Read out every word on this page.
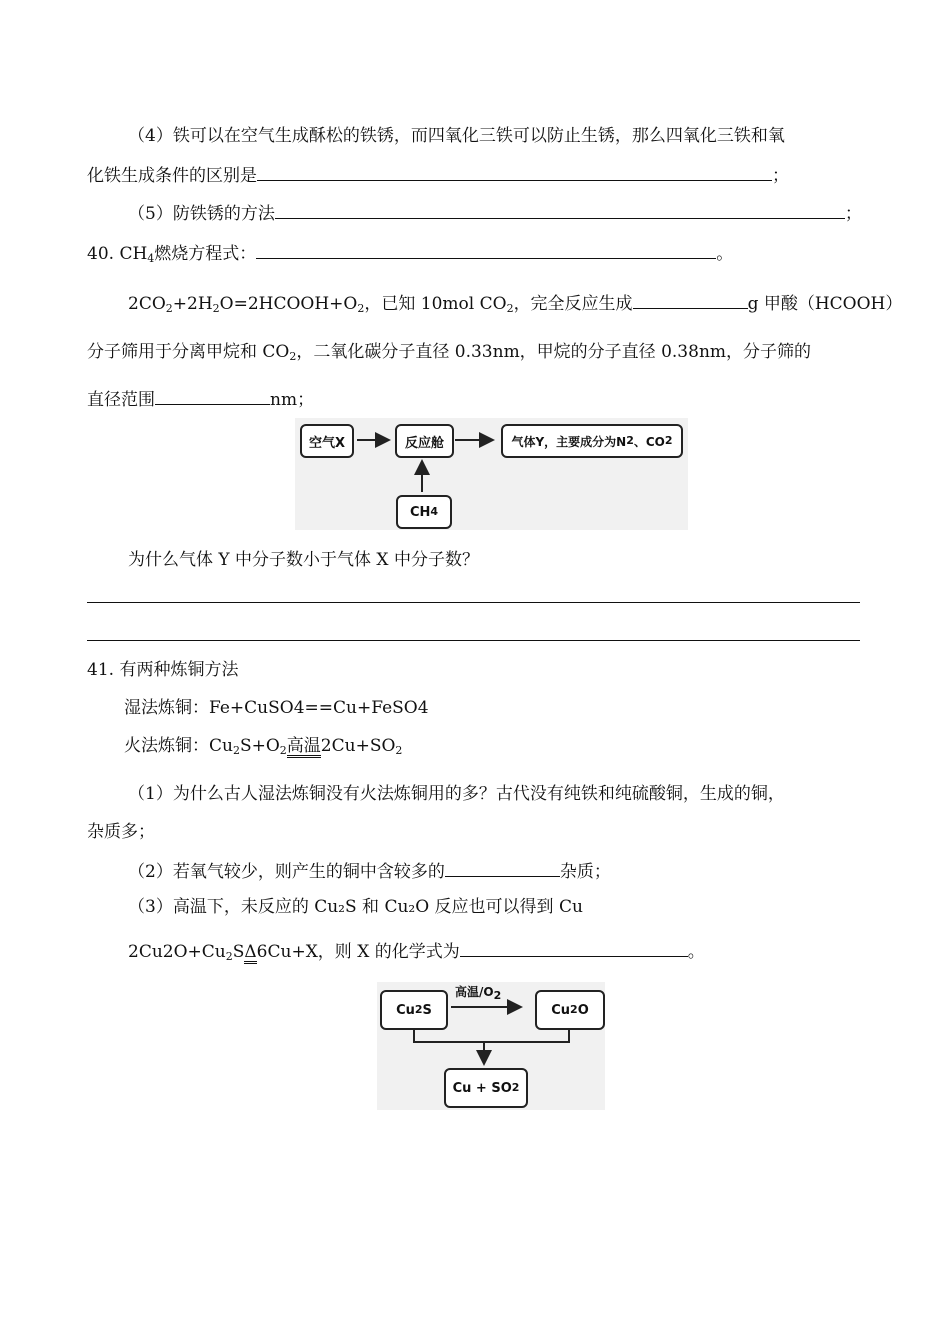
（4）铁可以在空气生成酥松的铁锈，而四氧化三铁可以防止生锈，那么四氧化三铁和氧
化铁生成条件的区别是	；
（5）防铁锈的方法	；
40. $CH_4$燃烧方程式：	。
$2CO_2+2H_2O=2HCOOH+O_2$，已知 10mol $CO_2$，完全反应生成	g 甲酸（HCOOH）
分子筛用于分离甲烷和 $CO_2$，二氧化碳分子直径 0.33nm，甲烷的分子直径 0.38nm，分子筛的
直径范围	nm；
空气X	反应舱	气体Y，主要成分为N 2 、CO 2
CH 4
为什么气体 Y 中分子数小于气体 X 中分子数？
41. 有两种炼铜方法
湿法炼铜：Fe+CuSO4==Cu+FeSO4
火法炼铜：$Cu_2S+O_2$高温$2Cu+SO_2$
（1）为什么古人湿法炼铜没有火法炼铜用的多？古代没有纯铁和纯硫酸铜，生成的铜，
杂质多；
（2）若氧气较少，则产生的铜中含较多的	杂质；
（3）高温下，未反应的 Cu₂S 和 Cu₂O 反应也可以得到 Cu
$2Cu2O+Cu_2S\Delta 6Cu+X$，则 X 的化学式为	。
Cu 2 S
高温$/O_2$
Cu 2 O
Cu + SO 2
